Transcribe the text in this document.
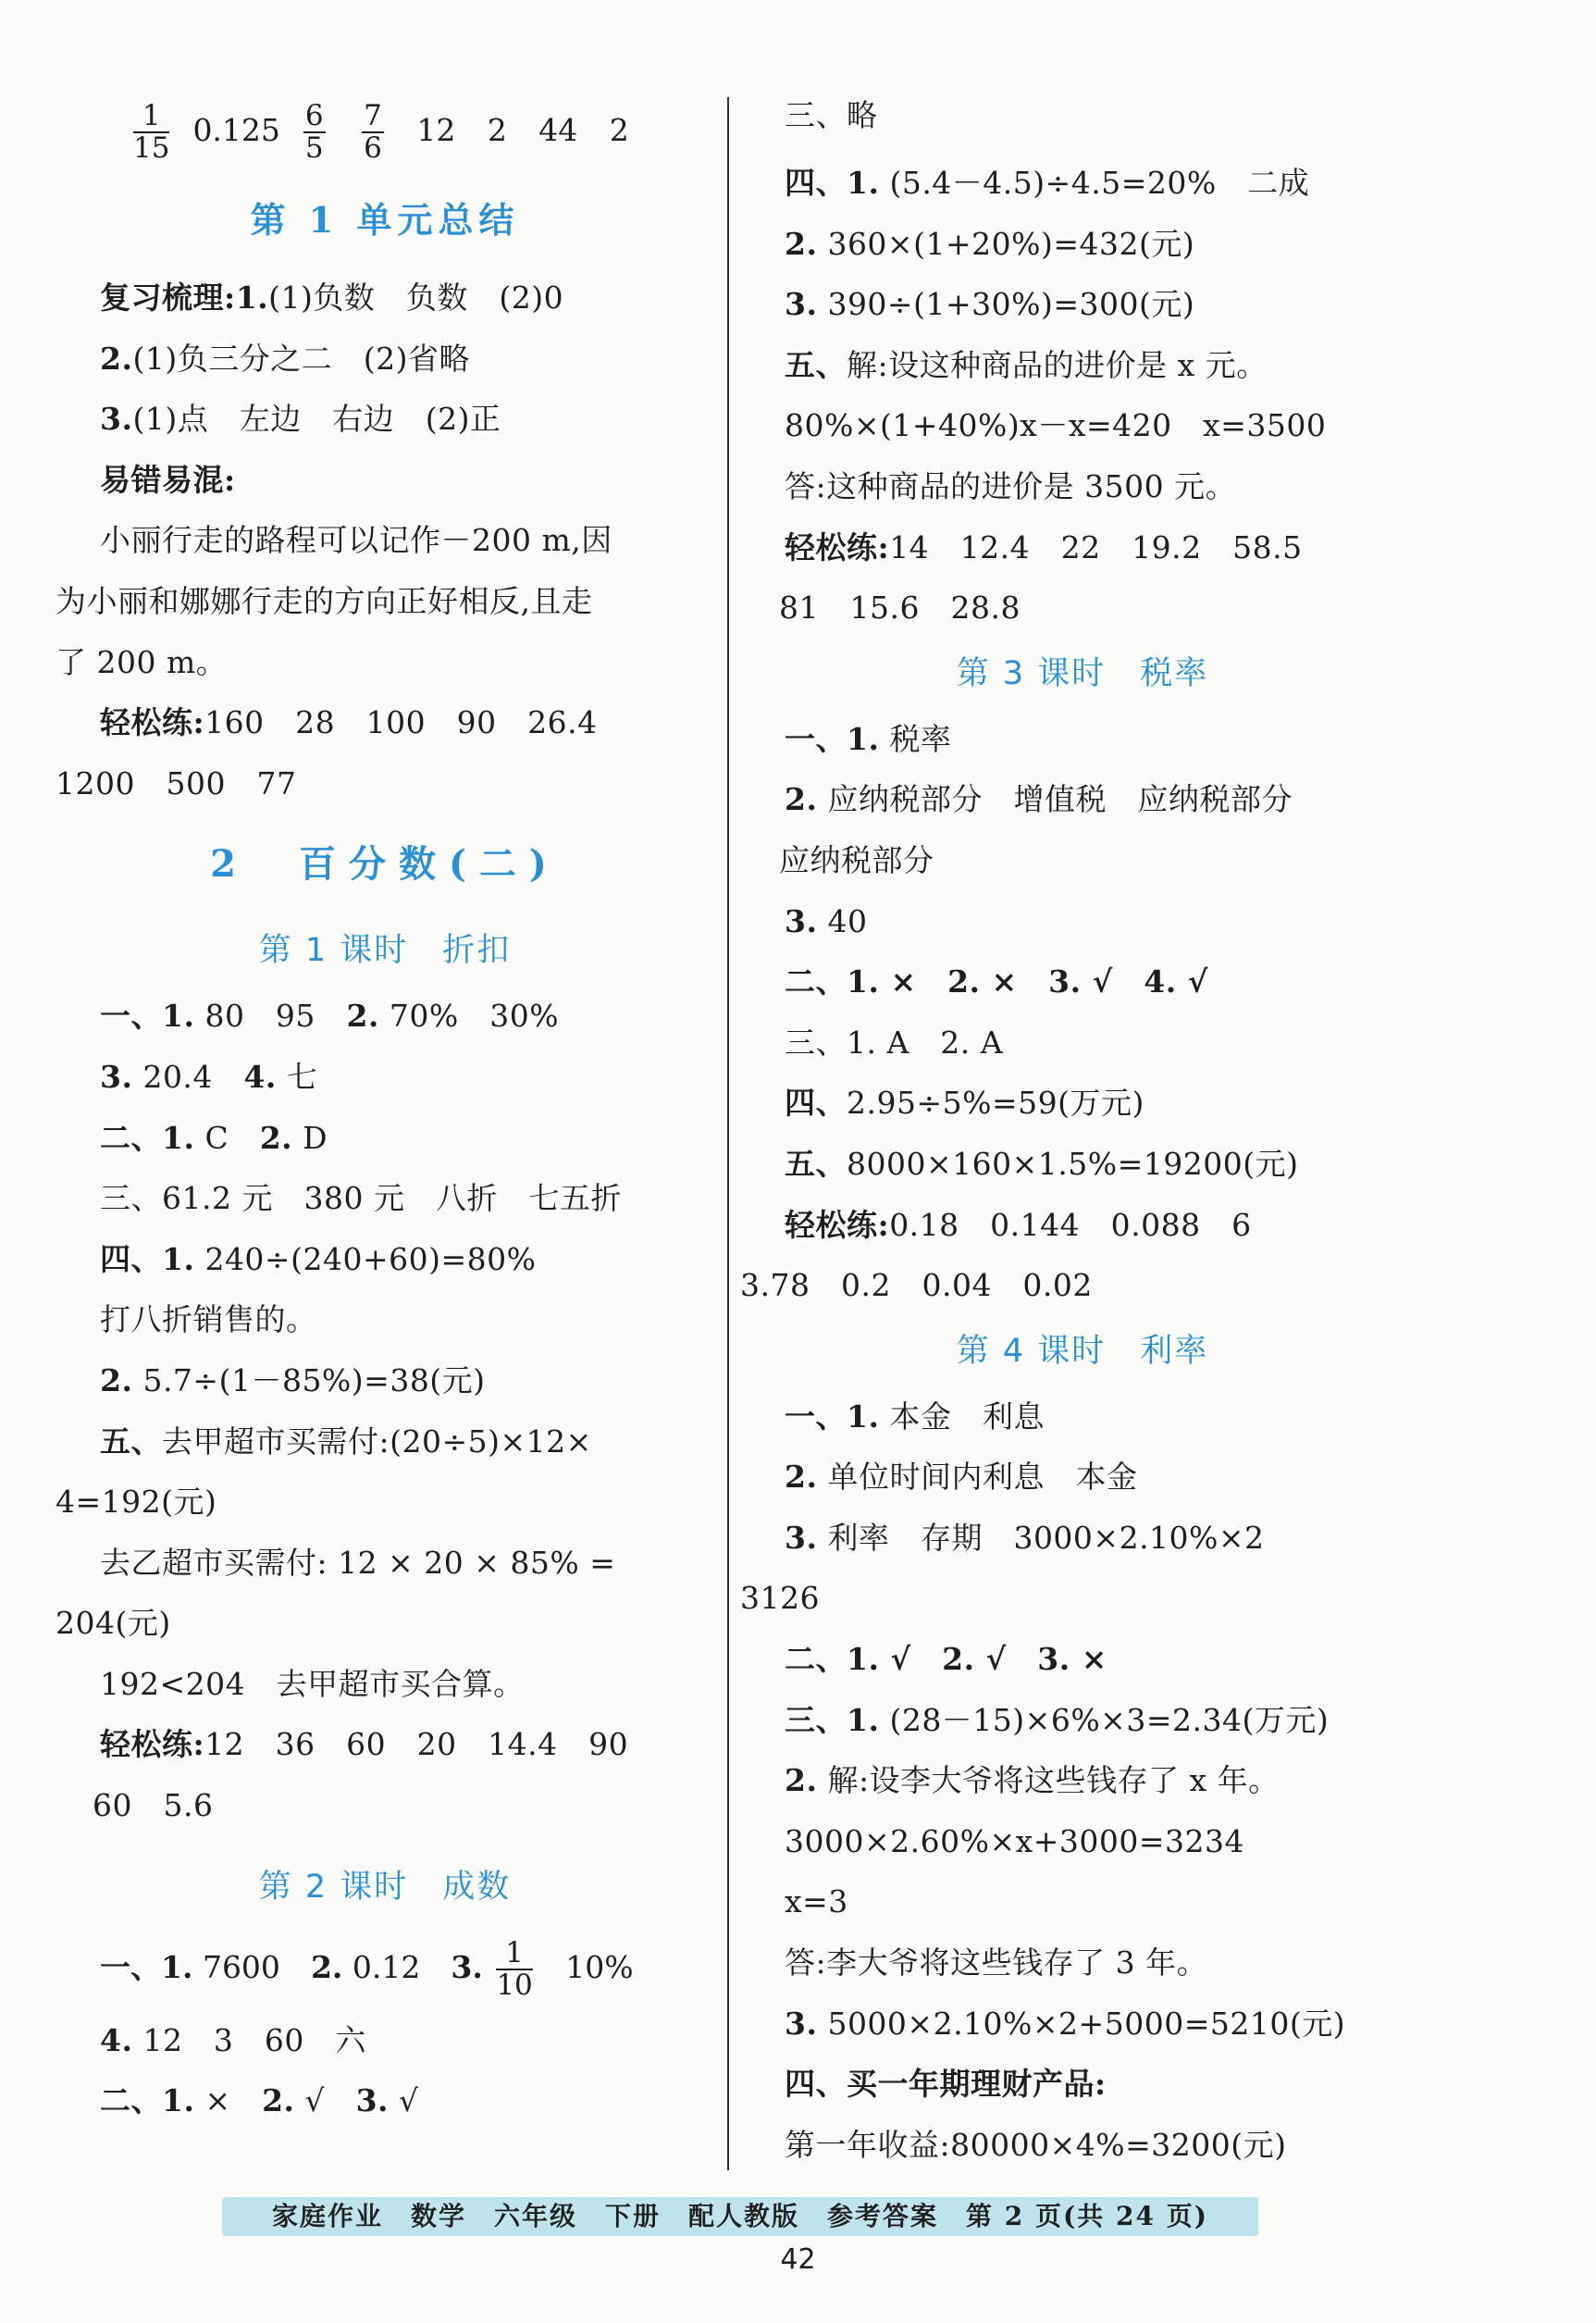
$\frac{1}{15} 0.125 \frac{6}{5}$
$\frac{7}{6} 12$ 2 44 2
第 1 单元总结
复习梳理:1.(1)负数　负数　(2)0
2.(1)负三分之二　(2)省略
3.(1)点　左边　右边　(2)正
易错易混:
小丽行走的路程可以记作－200 m,因
为小丽和娜娜行走的方向正好相反,且走
了 200 m。
轻松练:160　28　100　90　26.4
1200　500　77
2　百分数(二)
第 1 课时　折扣
一、1. 80　95　2. 70%　30%
3. 20.4　4. 七
二、1. C　2. D
三、61.2 元　380 元　八折　七五折
四、1. 240÷(240+60)=80%
打八折销售的。
2. 5.7÷(1－85%)=38(元)
五、去甲超市买需付:(20÷5)×12×
4=192(元)
去乙超市买需付: 12 × 20 × 85% =
204(元)
192<204　去甲超市买合算。
轻松练:12　36　60　20　14.4　90
60　5.6
第 2 课时　成数
一、1. 7600　2. 0.12　3. $\frac{1}{10} 10\%$
4. 12　3　60　六
二、1. ×　2. √　3. √
三、略
四、1. (5.4－4.5)÷4.5=20%　二成
2. 360×(1+20%)=432(元)
3. 390÷(1+30%)=300(元)
五、解:设这种商品的进价是 x 元。
80%×(1+40%)x－x=420　x=3500
答:这种商品的进价是 3500 元。
轻松练:14　12.4　22　19.2　58.5
81　15.6　28.8
第 3 课时　税率
一、1. 税率
2. 应纳税部分　增值税　应纳税部分
应纳税部分
3. 40
二、1. ×　2. ×　3. √　4. √
三、1. A　2. A
四、2.95÷5%=59(万元)
五、8000×160×1.5%=19200(元)
轻松练:0.18　0.144　0.088　6
3.78　0.2　0.04　0.02
第 4 课时　利率
一、1. 本金　利息
2. 单位时间内利息　本金
3. 利率　存期　3000×2.10%×2
3126
二、1. √　2. √　3. ×
三、1. (28－15)×6%×3=2.34(万元)
2. 解:设李大爷将这些钱存了 x 年。
3000×2.60%×x+3000=3234
x=3
答:李大爷将这些钱存了 3 年。
3. 5000×2.10%×2+5000=5210(元)
四、买一年期理财产品:
第一年收益:80000×4%=3200(元)
家庭作业　数学　六年级　下册　配人教版　参考答案　第 2 页(共 24 页)
42
